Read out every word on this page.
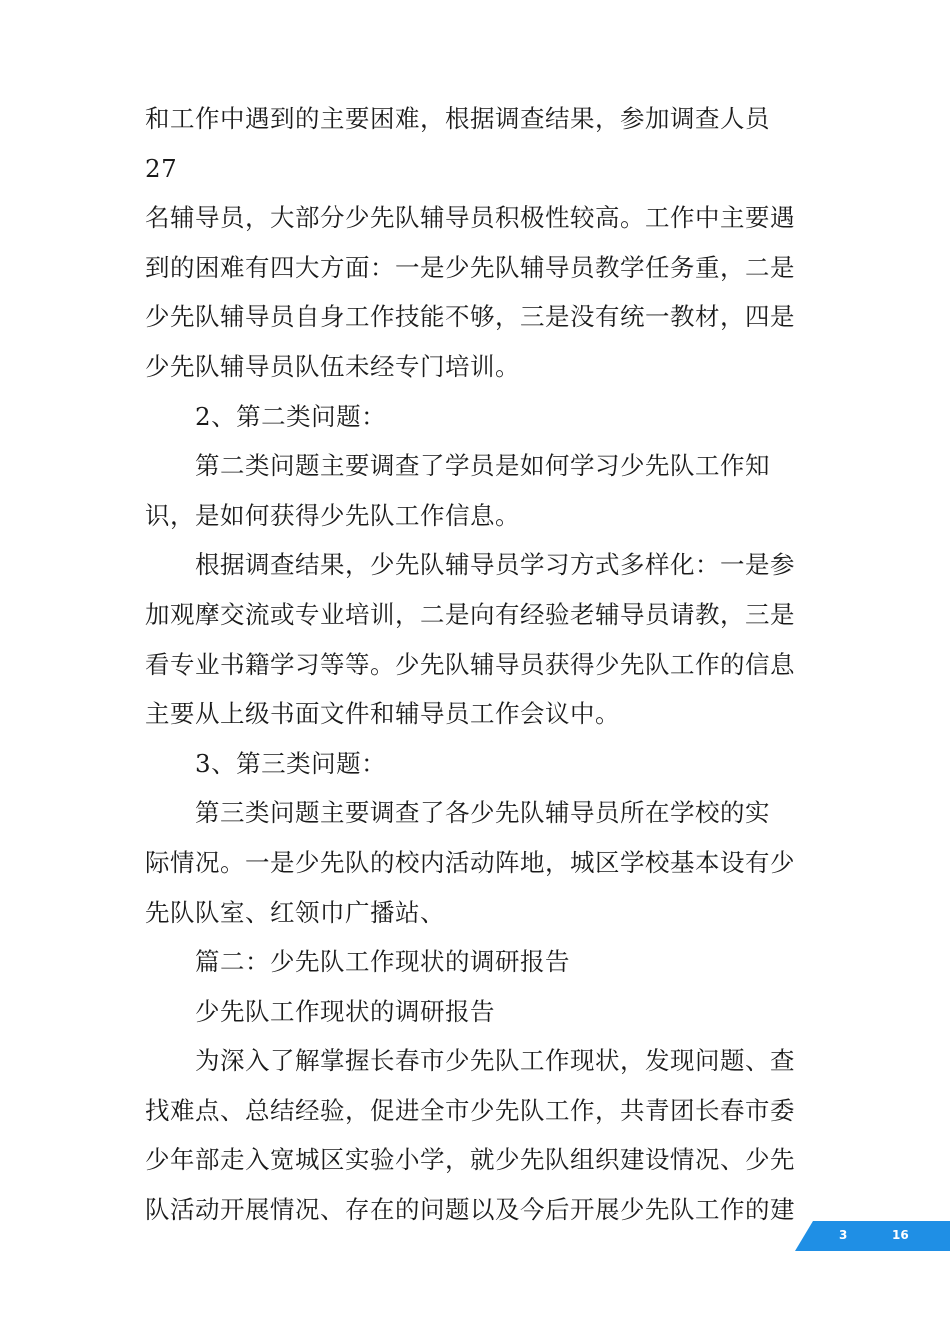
和工作中遇到的主要困难，根据调查结果，参加调查人员 27

名辅导员，大部分少先队辅导员积极性较高。工作中主要遇

到的困难有四大方面：一是少先队辅导员教学任务重，二是

少先队辅导员自身工作技能不够，三是没有统一教材，四是

少先队辅导员队伍未经专门培训。

2、第二类问题：

第二类问题主要调查了学员是如何学习少先队工作知

识，是如何获得少先队工作信息。

根据调查结果，少先队辅导员学习方式多样化：一是参

加观摩交流或专业培训，二是向有经验老辅导员请教，三是

看专业书籍学习等等。少先队辅导员获得少先队工作的信息

主要从上级书面文件和辅导员工作会议中。

3、第三类问题：

第三类问题主要调查了各少先队辅导员所在学校的实

际情况。一是少先队的校内活动阵地，城区学校基本设有少

先队队室、红领巾广播站、

篇二：少先队工作现状的调研报告

少先队工作现状的调研报告

为深入了解掌握长春市少先队工作现状，发现问题、查

找难点、总结经验，促进全市少先队工作，共青团长春市委

少年部走入宽城区实验小学，就少先队组织建设情况、少先

队活动开展情况、存在的问题以及今后开展少先队工作的建

3	16
